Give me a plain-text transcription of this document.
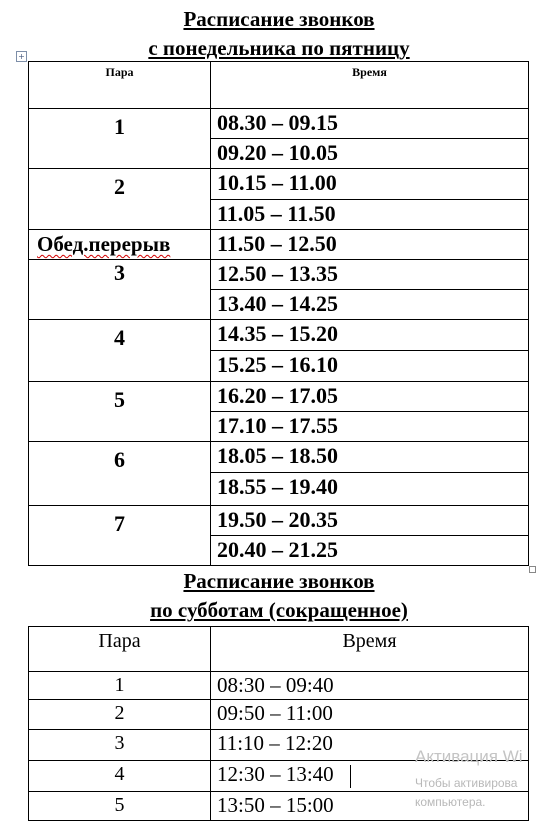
Расписание звонков
с понедельника по пятницу
+
Пара	Время
1	08.30 – 09.15
	09.20 – 10.05
2	10.15 – 11.00
	11.05 – 11.50
Обед.перерыв	11.50 – 12.50
3	12.50 – 13.35
	13.40 – 14.25
4	14.35 – 15.20
	15.25 – 16.10
5	16.20 – 17.05
	17.10 – 17.55
6	18.05 – 18.50
	18.55 – 19.40
7	19.50 – 20.35
	20.40 – 21.25
Расписание звонков
по субботам (сокращенное)
Пара	Время
1	08:30 – 09:40
2	09:50 – 11:00
3	11:10 – 12:20
4	12:30 – 13:40
5	13:50 – 15:00
Активация Wi
Чтобы активирова
компьютера.
